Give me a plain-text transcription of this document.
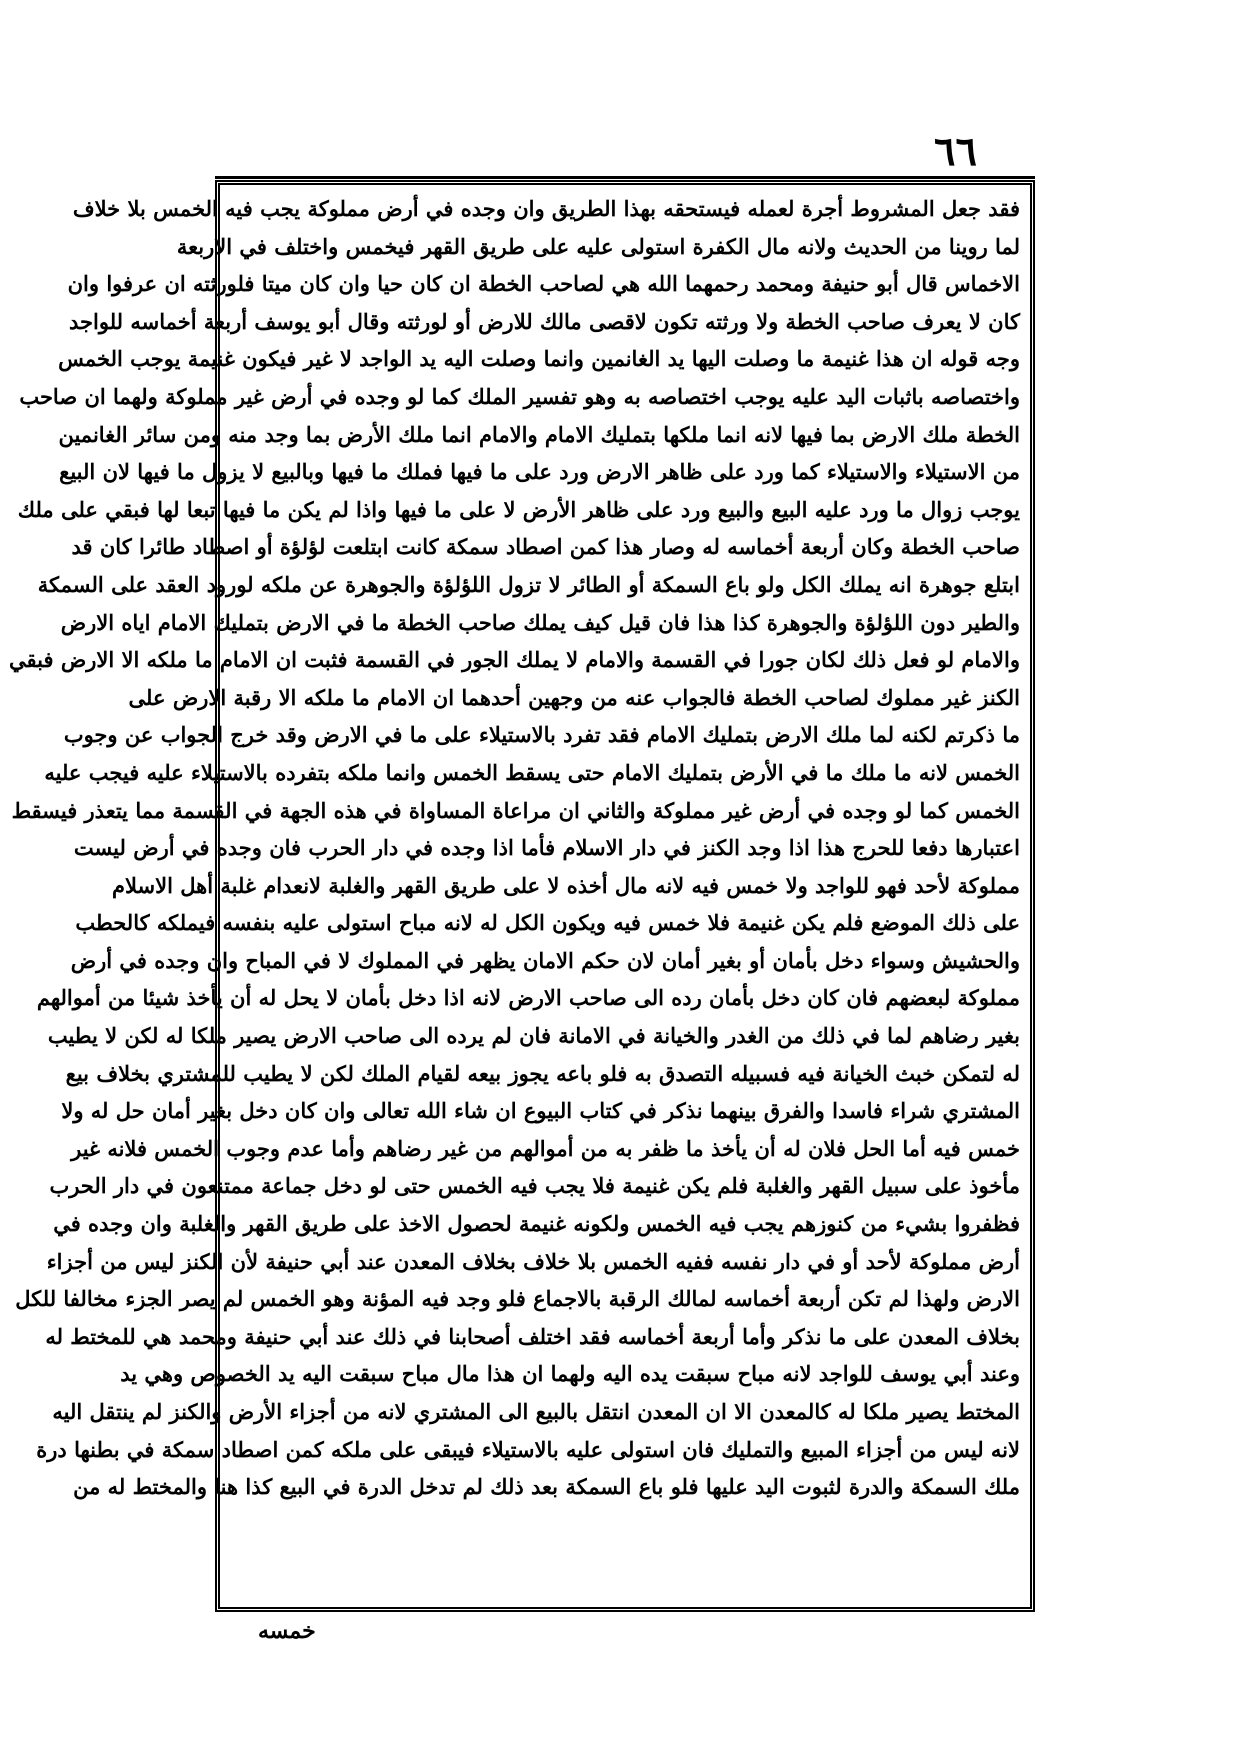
٦٦
فقد جعل المشروط أجرة لعمله فيستحقه بهذا الطريق وان وجده في أرض مملوكة يجب فيه الخمس بلا خلاف
لما روينا من الحديث ولانه مال الكفرة استولى عليه على طريق القهر فيخمس واختلف في الاربعة
الاخماس قال أبو حنيفة ومحمد رحمهما الله هي لصاحب الخطة ان كان حيا وان كان ميتا فلورثته ان عرفوا وان
كان لا يعرف صاحب الخطة ولا ورثته تكون لاقصى مالك للارض أو لورثته وقال أبو يوسف أربعة أخماسه للواجد
وجه قوله ان هذا غنيمة ما وصلت اليها يد الغانمين وانما وصلت اليه يد الواجد لا غير فيكون غنيمة يوجب الخمس
واختصاصه باثبات اليد عليه يوجب اختصاصه به وهو تفسير الملك كما لو وجده في أرض غير مملوكة ولهما ان صاحب
الخطة ملك الارض بما فيها لانه انما ملكها بتمليك الامام والامام انما ملك الأرض بما وجد منه ومن سائر الغانمين
من الاستيلاء والاستيلاء كما ورد على ظاهر الارض ورد على ما فيها فملك ما فيها وبالبيع لا يزول ما فيها لان البيع
يوجب زوال ما ورد عليه البيع والبيع ورد على ظاهر الأرض لا على ما فيها واذا لم يكن ما فيها تبعا لها فبقي على ملك
صاحب الخطة وكان أربعة أخماسه له وصار هذا كمن اصطاد سمكة كانت ابتلعت لؤلؤة أو اصطاد طائرا كان قد
ابتلع جوهرة انه يملك الكل ولو باع السمكة أو الطائر لا تزول اللؤلؤة والجوهرة عن ملكه لورود العقد على السمكة
والطير دون اللؤلؤة والجوهرة كذا هذا فان قيل كيف يملك صاحب الخطة ما في الارض بتمليك الامام اياه الارض
والامام لو فعل ذلك لكان جورا في القسمة والامام لا يملك الجور في القسمة فثبت ان الامام ما ملكه الا الارض فبقي
الكنز غير مملوك لصاحب الخطة فالجواب عنه من وجهين أحدهما ان الامام ما ملكه الا رقبة الارض على
ما ذكرتم لكنه لما ملك الارض بتمليك الامام فقد تفرد بالاستيلاء على ما في الارض وقد خرج الجواب عن وجوب
الخمس لانه ما ملك ما في الأرض بتمليك الامام حتى يسقط الخمس وانما ملكه بتفرده بالاستيلاء عليه فيجب عليه
الخمس كما لو وجده في أرض غير مملوكة والثاني ان مراعاة المساواة في هذه الجهة في القسمة مما يتعذر فيسقط
اعتبارها دفعا للحرج هذا اذا وجد الكنز في دار الاسلام فأما اذا وجده في دار الحرب فان وجده في أرض ليست
مملوكة لأحد فهو للواجد ولا خمس فيه لانه مال أخذه لا على طريق القهر والغلبة لانعدام غلبة أهل الاسلام
على ذلك الموضع فلم يكن غنيمة فلا خمس فيه ويكون الكل له لانه مباح استولى عليه بنفسه فيملكه كالحطب
والحشيش وسواء دخل بأمان أو بغير أمان لان حكم الامان يظهر في المملوك لا في المباح وان وجده في أرض
مملوكة لبعضهم فان كان دخل بأمان رده الى صاحب الارض لانه اذا دخل بأمان لا يحل له أن يأخذ شيئا من أموالهم
بغير رضاهم لما في ذلك من الغدر والخيانة في الامانة فان لم يرده الى صاحب الارض يصير ملكا له لكن لا يطيب
له لتمكن خبث الخيانة فيه فسبيله التصدق به فلو باعه يجوز بيعه لقيام الملك لكن لا يطيب للمشتري بخلاف بيع
المشتري شراء فاسدا والفرق بينهما نذكر في كتاب البيوع ان شاء الله تعالى وان كان دخل بغير أمان حل له ولا
خمس فيه أما الحل فلان له أن يأخذ ما ظفر به من أموالهم من غير رضاهم وأما عدم وجوب الخمس فلانه غير
مأخوذ على سبيل القهر والغلبة فلم يكن غنيمة فلا يجب فيه الخمس حتى لو دخل جماعة ممتنعون في دار الحرب
فظفروا بشيء من كنوزهم يجب فيه الخمس ولكونه غنيمة لحصول الاخذ على طريق القهر والغلبة وان وجده في
أرض مملوكة لأحد أو في دار نفسه ففيه الخمس بلا خلاف بخلاف المعدن عند أبي حنيفة لأن الكنز ليس من أجزاء
الارض ولهذا لم تكن أربعة أخماسه لمالك الرقبة بالاجماع فلو وجد فيه المؤنة وهو الخمس لم يصر الجزء مخالفا للكل
بخلاف المعدن على ما نذكر وأما أربعة أخماسه فقد اختلف أصحابنا في ذلك عند أبي حنيفة ومحمد هي للمختط له
وعند أبي يوسف للواجد لانه مباح سبقت يده اليه ولهما ان هذا مال مباح سبقت اليه يد الخصوص وهي يد
المختط يصير ملكا له كالمعدن الا ان المعدن انتقل بالبيع الى المشتري لانه من أجزاء الأرض والكنز لم ينتقل اليه
لانه ليس من أجزاء المبيع والتمليك فان استولى عليه بالاستيلاء فيبقى على ملكه كمن اصطاد سمكة في بطنها درة
ملك السمكة والدرة لثبوت اليد عليها فلو باع السمكة بعد ذلك لم تدخل الدرة في البيع كذا هنا والمختط له من
خمسه
